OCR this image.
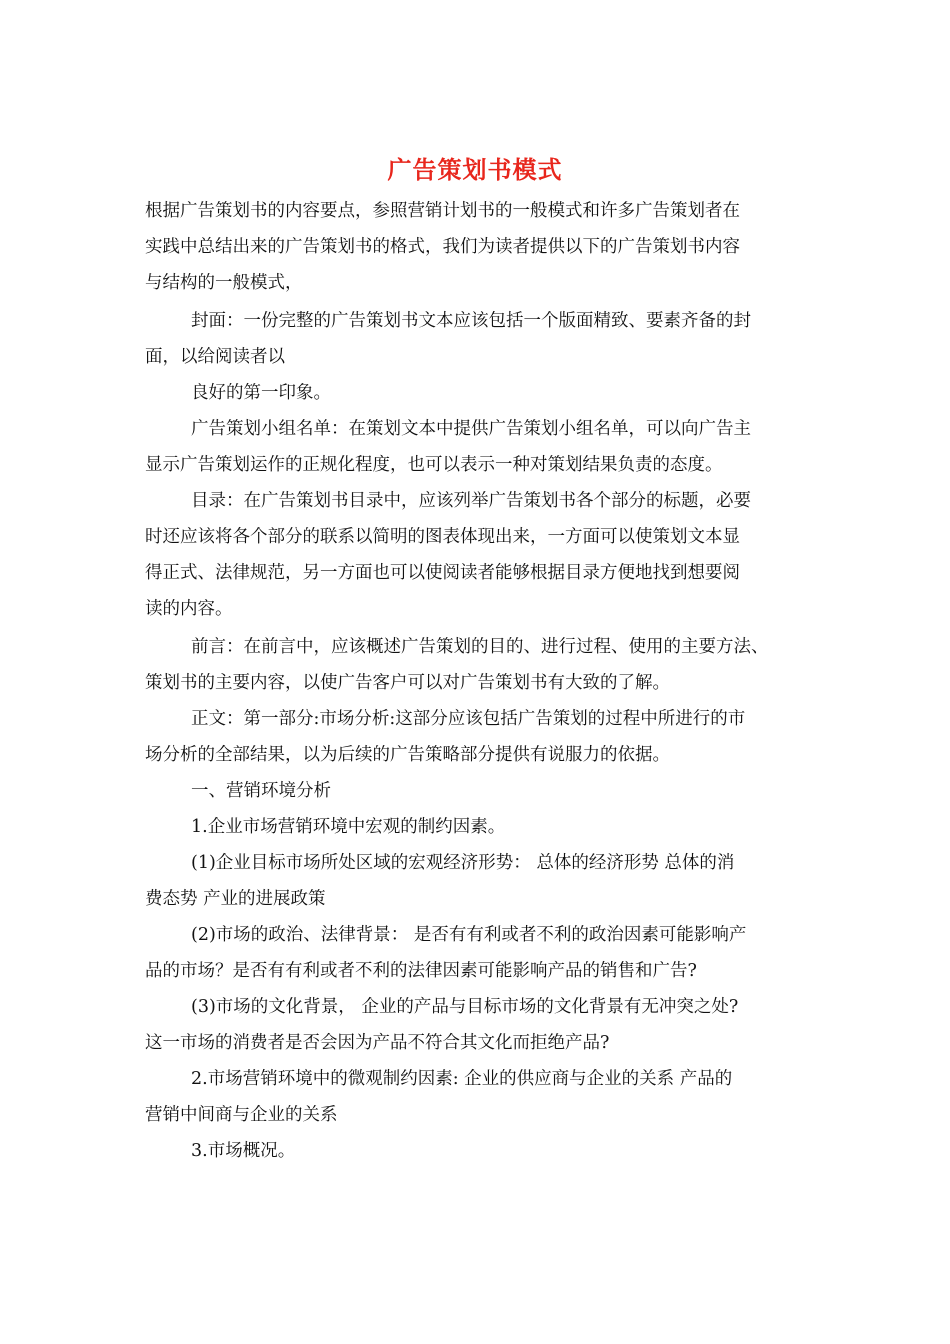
广告策划书模式
根据广告策划书的内容要点，参照营销计划书的一般模式和许多广告策划者在
实践中总结出来的广告策划书的格式，我们为读者提供以下的广告策划书内容
与结构的一般模式，
封面：一份完整的广告策划书文本应该包括一个版面精致、要素齐备的封
面，以给阅读者以
良好的第一印象。
广告策划小组名单：在策划文本中提供广告策划小组名单，可以向广告主
显示广告策划运作的正规化程度，也可以表示一种对策划结果负责的态度。
目录：在广告策划书目录中，应该列举广告策划书各个部分的标题，必要
时还应该将各个部分的联系以简明的图表体现出来，一方面可以使策划文本显
得正式、法律规范，另一方面也可以使阅读者能够根据目录方便地找到想要阅
读的内容。
前言：在前言中，应该概述广告策划的目的、进行过程、使用的主要方法、
策划书的主要内容，以使广告客户可以对广告策划书有大致的了解。
正文：第一部分:市场分析:这部分应该包括广告策划的过程中所进行的市
场分析的全部结果，以为后续的广告策略部分提供有说服力的依据。
一、营销环境分析
1.企业市场营销环境中宏观的制约因素。
(1)企业目标市场所处区域的宏观经济形势： 总体的经济形势 总体的消
费态势 产业的进展政策
(2)市场的政治、法律背景： 是否有有利或者不利的政治因素可能影响产
品的市场？是否有有利或者不利的法律因素可能影响产品的销售和广告?
(3)市场的文化背景， 企业的产品与目标市场的文化背景有无冲突之处?
这一市场的消费者是否会因为产品不符合其文化而拒绝产品?
2.市场营销环境中的微观制约因素: 企业的供应商与企业的关系 产品的
营销中间商与企业的关系
3.市场概况。
